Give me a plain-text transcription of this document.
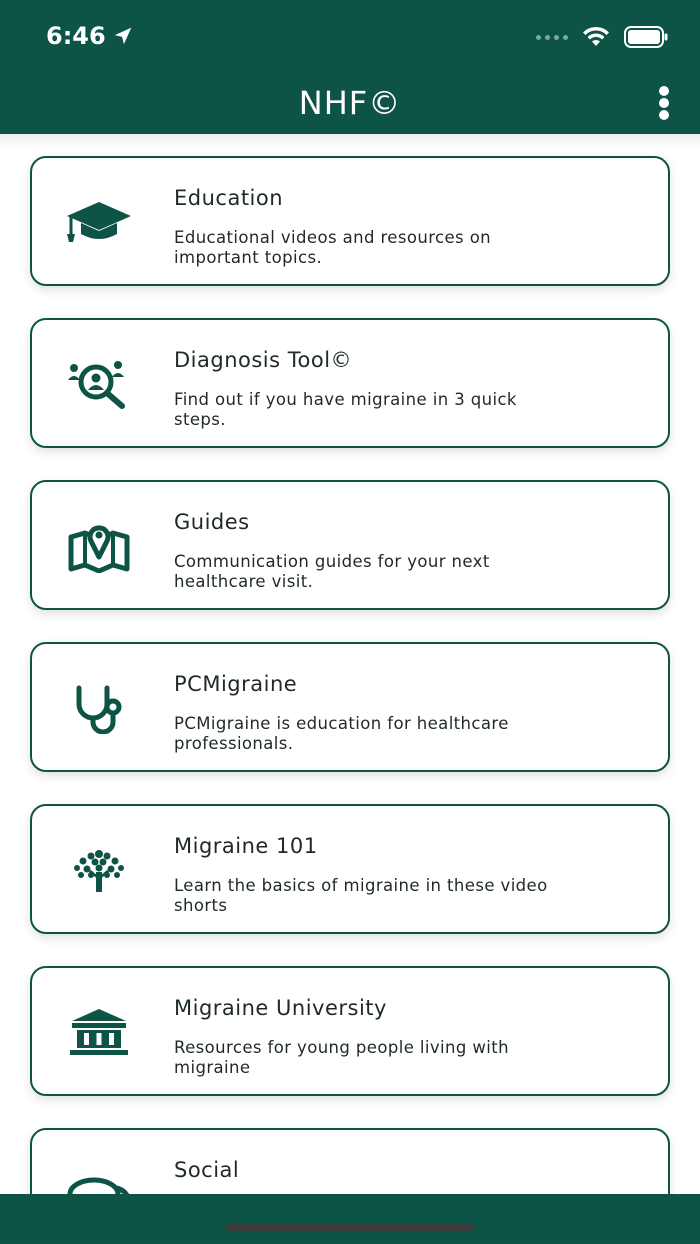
6:46
NHF©
Education
Educational videos and resources on important topics.
Diagnosis Tool©
Find out if you have migraine in 3 quick steps.
Guides
Communication guides for your next healthcare visit.
PCMigraine
PCMigraine is education for healthcare professionals.
Migraine 101
Learn the basics of migraine in these video shorts
Migraine University
Resources for young people living with migraine
Social
